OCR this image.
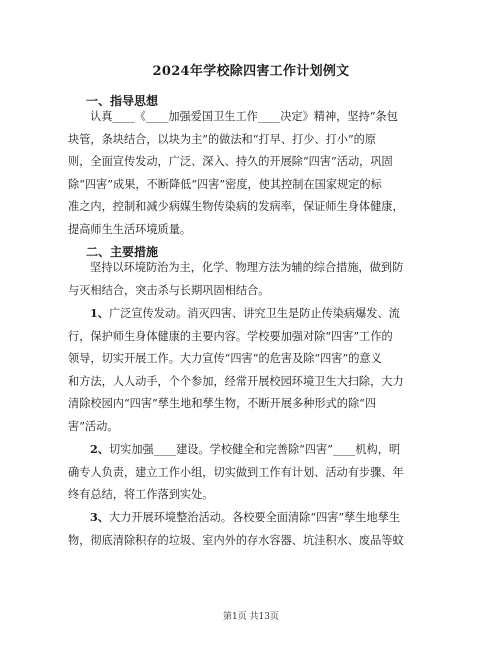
2024年学校除四害工作计划例文
一、指导思想
认真____《____加强爱国卫生工作____决定》精神，坚持“条包
块管，条块结合，以块为主”的做法和“打早、打少、打小”的原
则，全面宣传发动，广泛、深入、持久的开展除“四害”活动，巩固
除“四害”成果，不断降低“四害”密度，使其控制在国家规定的标
准之内，控制和减少病媒生物传染病的发病率，保证师生身体健康，
提高师生生活环境质量。
二、主要措施
坚持以环境防治为主，化学、物理方法为辅的综合措施，做到防
与灭相结合，突击杀与长期巩固相结合。
1、广泛宣传发动。消灭四害、讲究卫生是防止传染病爆发、流
行，保护师生身体健康的主要内容。学校要加强对除“四害”工作的
领导，切实开展工作。大力宣传“四害”的危害及除“四害”的意义
和方法，人人动手，个个参加，经常开展校园环境卫生大扫除，大力
清除校园内“四害”孳生地和孳生物，不断开展多种形式的除“四
害”活动。
2、切实加强____建设。学校健全和完善除“四害”____机构，明
确专人负责，建立工作小组，切实做到工作有计划、活动有步骤、年
终有总结，将工作落到实处。
3、大力开展环境整治活动。各校要全面清除“四害”孳生地孳生
物，彻底清除积存的垃圾、室内外的存水容器、坑洼积水、废品等蚊
第1页 共13页
